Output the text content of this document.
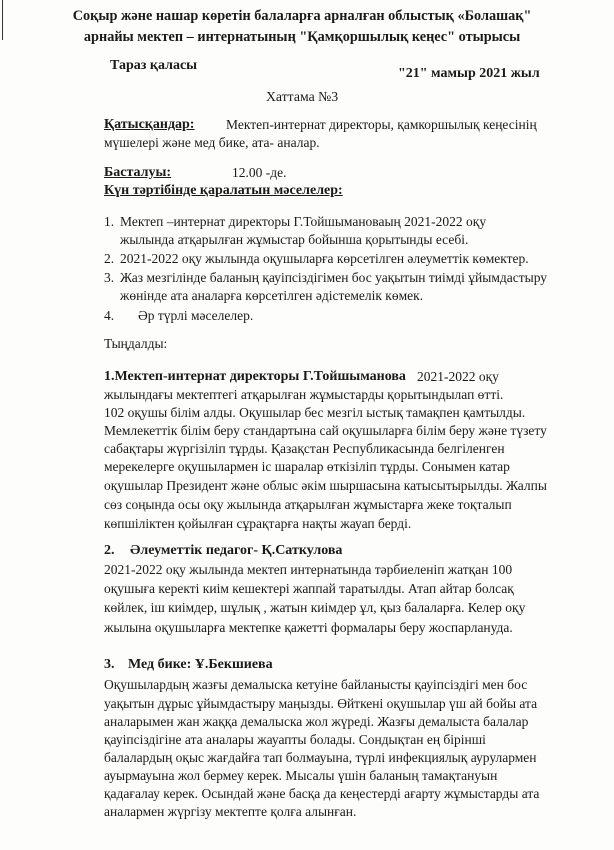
Соқыр және нашар көретін балаларға арналған облыстық «Болашақ"
арнайы мектеп – интернатының "Қамқоршылық кеңес" отырысы
Тараз қаласы
"21" мамыр 2021 жыл
Хаттама №3
Қатысқандар: Мектеп-интернат директоры, қамкоршылық кеңесінің
мүшелері және мед бике, ата- аналар.
Басталуы:	12.00 -де.
Күн тәртібінде қаралатын мәселелер:
1. Мектеп –интернат директоры Г.Тойшымановаың 2021-2022 оқу
жылында атқарылған жұмыстар бойынша қорытынды есебі.
2. 2021-2022 оқу жылында оқушыларға көрсетілген әлеуметтік көмектер.
3. Жаз мезгілінде баланың қауіпсіздігімен бос уақытын тиімді ұйымдастыру
жөнінде ата аналарға көрсетілген әдістемелік көмек.
4. Әр түрлі мәселелер.
Тыңдалды:
1.Мектеп-интернат директоры Г.Тойшыманова 2021-2022 оқу
жылындағы мектептегі атқарылған жұмыстарды қорытындылап өтті.
102 оқушы білім алды. Оқушылар бес мезгіл ыстық тамақпен қамтылды.
Мемлекеттік білім беру стандартына сай оқушыларға білім беру және түзету
сабақтары жүргізіліп тұрды. Қазақстан Республикасында белгіленген
мерекелерге оқушылармен іс шаралар өткізіліп тұрды. Сонымен катар
оқушылар Президент және облыс әкім шыршасына катысытырылды. Жалпы
сөз соңында осы оқу жылында атқарылған жұмыстарға жеке тоқталып
көпшіліктен қойылған сұрақтарға нақты жауап берді.
2. Әлеуметтік педагог- Қ.Саткулова
2021-2022 оқу жылында мектеп интернатында тәрбиеленіп жатқан 100
оқушыға керекті киім кешектері жаппай таратылды. Атап айтар болсақ
көйлек, іш киімдер, шұлық , жатын киімдер ұл, қыз балаларға. Келер оқу
жылына оқушыларға мектепке қажетті формалары беру жоспарлануда.
3. Мед бике: Ұ.Бекшиева
Оқушылардың жазғы демалыска кетуіне байланысты қауіпсіздігі мен бос
уақытын дұрыс ұйымдастыру маңызды. Өйткені оқушылар үш ай бойы ата
аналарымен жан жаққа демалыска жол жүреді. Жазғы демалыста балалар
қауіпсіздігіне ата аналары жауапты болады. Сондықтан ең бірінші
балалардың оқыс жағдайға тап болмауына, түрлі инфекциялық аурулармен
ауырмауына жол бермеу керек. Мысалы үшін баланың тамақтануын
қадағалау керек. Осындай және басқа да кеңестерді ағарту жұмыстарды ата
аналармен жүргізу мектепте қолға алынған.
